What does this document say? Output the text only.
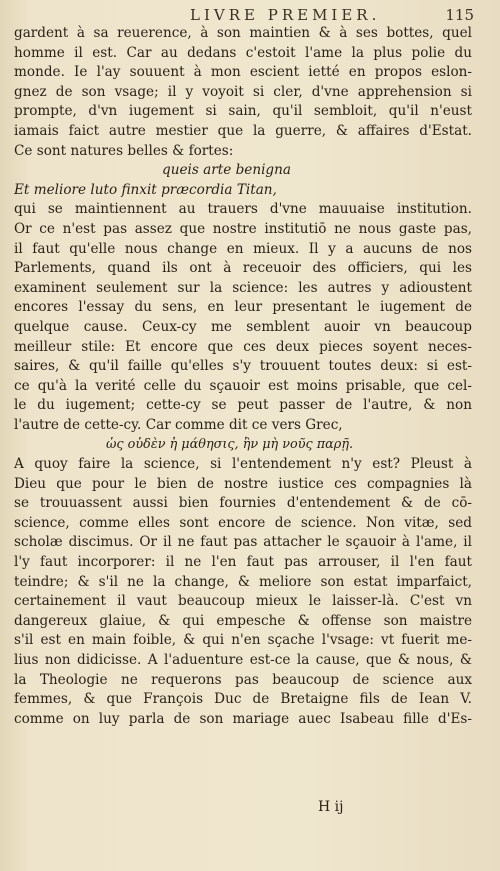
LIVRE PREMIER.	115
gardent à sa reuerence, à son maintien & à ses bottes, quel
homme il est. Car au dedans c'estoit l'ame la plus polie du
monde. Ie l'ay souuent à mon escient ietté en propos eslon-
gnez de son vsage; il y voyoit si cler, d'vne apprehension si
prompte, d'vn iugement si sain, qu'il sembloit, qu'il n'eust
iamais faict autre mestier que la guerre, & affaires d'Estat.
Ce sont natures belles & fortes:
queis arte benigna
Et meliore luto finxit præcordia Titan,
qui se maintiennent au trauers d'vne mauuaise institution.
Or ce n'est pas assez que nostre institutiō ne nous gaste pas,
il faut qu'elle nous change en mieux. Il y a aucuns de nos
Parlements, quand ils ont à receuoir des officiers, qui les
examinent seulement sur la science: les autres y adioustent
encores l'essay du sens, en leur presentant le iugement de
quelque cause. Ceux-cy me semblent auoir vn beaucoup
meilleur stile: Et encore que ces deux pieces soyent neces-
saires, & qu'il faille qu'elles s'y trouuent toutes deux: si est-
ce qu'à la verité celle du sçauoir est moins prisable, que cel-
le du iugement; cette-cy se peut passer de l'autre, & non
l'autre de cette-cy. Car comme dit ce vers Grec,
ὡς οὐδὲν ἡ μάθησις, ἢν μὴ νοῦς παρῇ.
A quoy faire la science, si l'entendement n'y est? Pleust à
Dieu que pour le bien de nostre iustice ces compagnies là
se trouuassent aussi bien fournies d'entendement & de cō-
science, comme elles sont encore de science. Non vitæ, sed
scholæ discimus. Or il ne faut pas attacher le sçauoir à l'ame, il
l'y faut incorporer: il ne l'en faut pas arrouser, il l'en faut
teindre; & s'il ne la change, & meliore son estat imparfaict,
certainement il vaut beaucoup mieux le laisser-là. C'est vn
dangereux glaiue, & qui empesche & offense son maistre
s'il est en main foible, & qui n'en sçache l'vsage: vt fuerit me-
lius non didicisse. A l'aduenture est-ce la cause, que & nous, &
la Theologie ne requerons pas beaucoup de science aux
femmes, & que François Duc de Bretaigne fils de Iean V.
comme on luy parla de son mariage auec Isabeau fille d'Es-
H ij
